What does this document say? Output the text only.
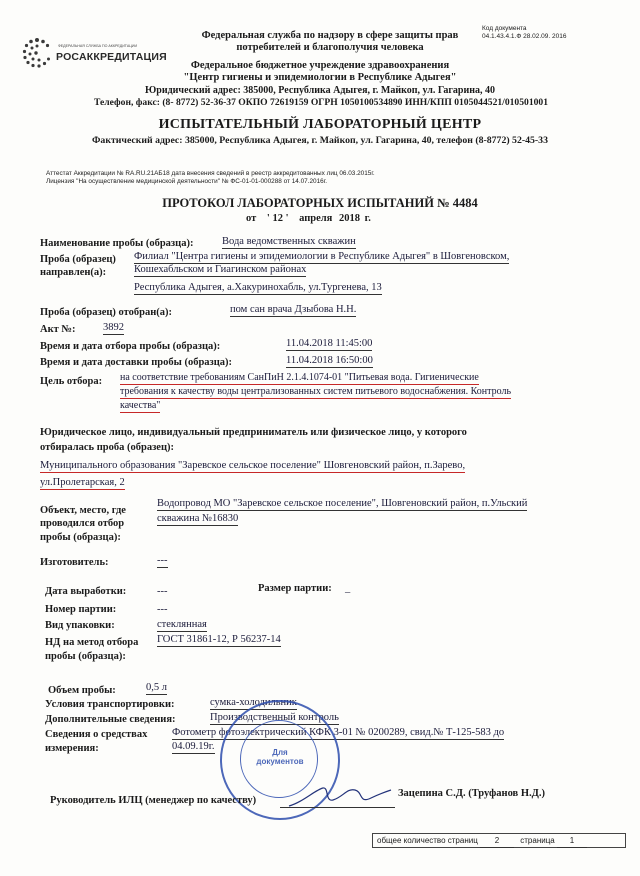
Код документа
04.1.43.4.1.Ф 28.02.09. 2016
ФЕДЕРАЛЬНАЯ СЛУЖБА ПО АККРЕДИТАЦИИ
РОСАККРЕДИТАЦИЯ
Федеральная служба по надзору в сфере защиты прав
потребителей и благополучия человека
Федеральное бюджетное учреждение здравоохранения
"Центр гигиены и эпидемиологии в Республике Адыгея"
Юридический адрес: 385000, Республика Адыгея, г. Майкоп, ул. Гагарина, 40
Телефон, факс: (8- 8772) 52-36-37 ОКПО 72619159 ОГРН 1050100534890 ИНН/КПП 0105044521/010501001
ИСПЫТАТЕЛЬНЫЙ ЛАБОРАТОРНЫЙ ЦЕНТР
Фактический адрес: 385000, Республика Адыгея, г. Майкоп, ул. Гагарина, 40, телефон (8-8772) 52-45-33
Аттестат Аккредитации № RA.RU.21АБ18 дата внесения сведений в реестр аккредитованных лиц 06.03.2015г.
Лицензия "На осуществление медицинской деятельности" № ФС-01-01-000288 от 14.07.2016г.
ПРОТОКОЛ ЛАБОРАТОРНЫХ ИСПЫТАНИЙ № 4484
от ' 12 ' апреля 2018 г.
Наименование пробы (образца):	Вода ведомственных скважин
Проба (образец)
направлен(а):
Филиал "Центра гигиены и эпидемиологии в Республике Адыгея" в Шовгеновском,
Кошехабльском и Гиагинском районах
Республика Адыгея, а.Хакуринохабль, ул.Тургенева, 13
Проба (образец) отобран(а):	пом сан врача Дзыбова Н.Н.
Акт №:	3892
Время и дата отбора пробы (образца):	11.04.2018 11:45:00
Время и дата доставки пробы (образца):	11.04.2018 16:50:00
Цель отбора: на соответствие требованиям СанПиН 2.1.4.1074-01 "Питьевая вода. Гигиенические
требования к качеству воды централизованных систем питьевого водоснабжения. Контроль
качества"
Юридическое лицо, индивидуальный предприниматель или физическое лицо, у которого
отбиралась проба (образец):
Муниципального образования "Заревское сельское поселение" Шовгеновский район, п.Зарево,
ул.Пролетарская, 2
Объект, место, где
проводился отбор
пробы (образца):
Водопровод МО "Заревское сельское поселение", Шовгеновский район, п.Ульский
скважина №16830
Изготовитель:	---
Дата выработки:	---	Размер партии: _
Номер партии:	---
Вид упаковки:	стеклянная
НД на метод отбора
пробы (образца):
ГОСТ 31861-12, Р 56237-14
Объем пробы:	0,5 л
Условия транспортировки:	сумка-холодильник
Дополнительные сведения:	Производственный контроль
Сведения о средствах
измерения:
Фотометр фотоэлектрический КФК 3-01 № 0200289, свид.№ Т-125-583 до
04.09.19г.
Для документов
Руководитель ИЛЦ (менеджер по качеству)
Зацепина С.Д. (Труфанов Н.Д.)
общее количество страниц 2	страница 1
